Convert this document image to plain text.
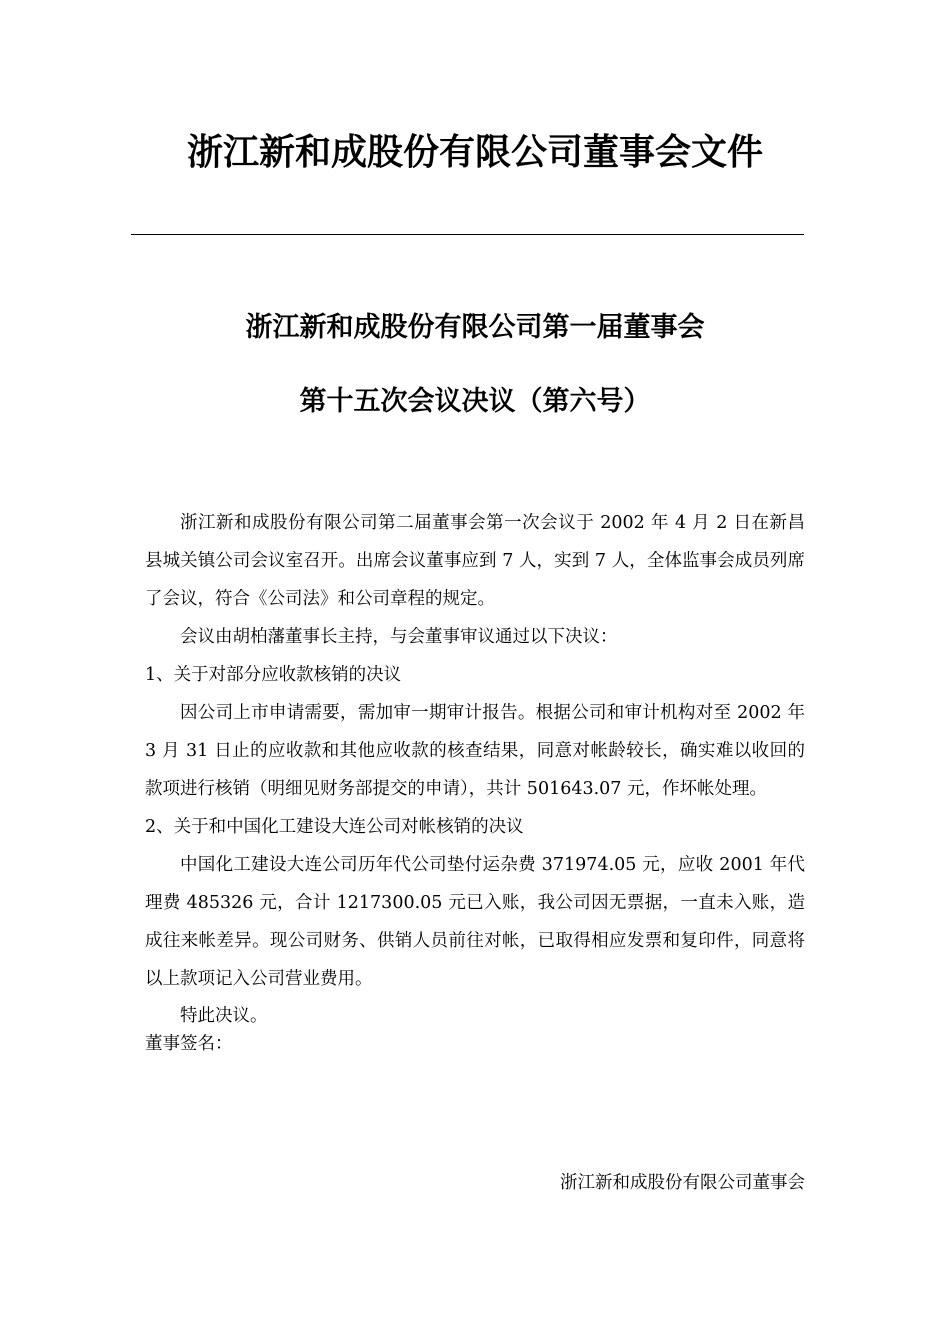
浙江新和成股份有限公司董事会文件
浙江新和成股份有限公司第一届董事会
第十五次会议决议（第六号）

浙江新和成股份有限公司第二届董事会第一次会议于 2002 年 4 月 2 日在新昌县城关镇公司会议室召开。出席会议董事应到 7 人，实到 7 人，全体监事会成员列席了会议，符合《公司法》和公司章程的规定。

会议由胡柏藩董事长主持，与会董事审议通过以下决议：

1、关于对部分应收款核销的决议

因公司上市申请需要，需加审一期审计报告。根据公司和审计机构对至 2002 年 3 月 31 日止的应收款和其他应收款的核查结果，同意对帐龄较长，确实难以收回的款项进行核销（明细见财务部提交的申请），共计 501643.07 元，作坏帐处理。

2、关于和中国化工建设大连公司对帐核销的决议

中国化工建设大连公司历年代公司垫付运杂费 371974.05 元，应收 2001 年代理费 485326 元，合计 1217300.05 元已入账，我公司因无票据，一直未入账，造成往来帐差异。现公司财务、供销人员前往对帐，已取得相应发票和复印件，同意将以上款项记入公司营业费用。

特此决议。

董事签名：

浙江新和成股份有限公司董事会
